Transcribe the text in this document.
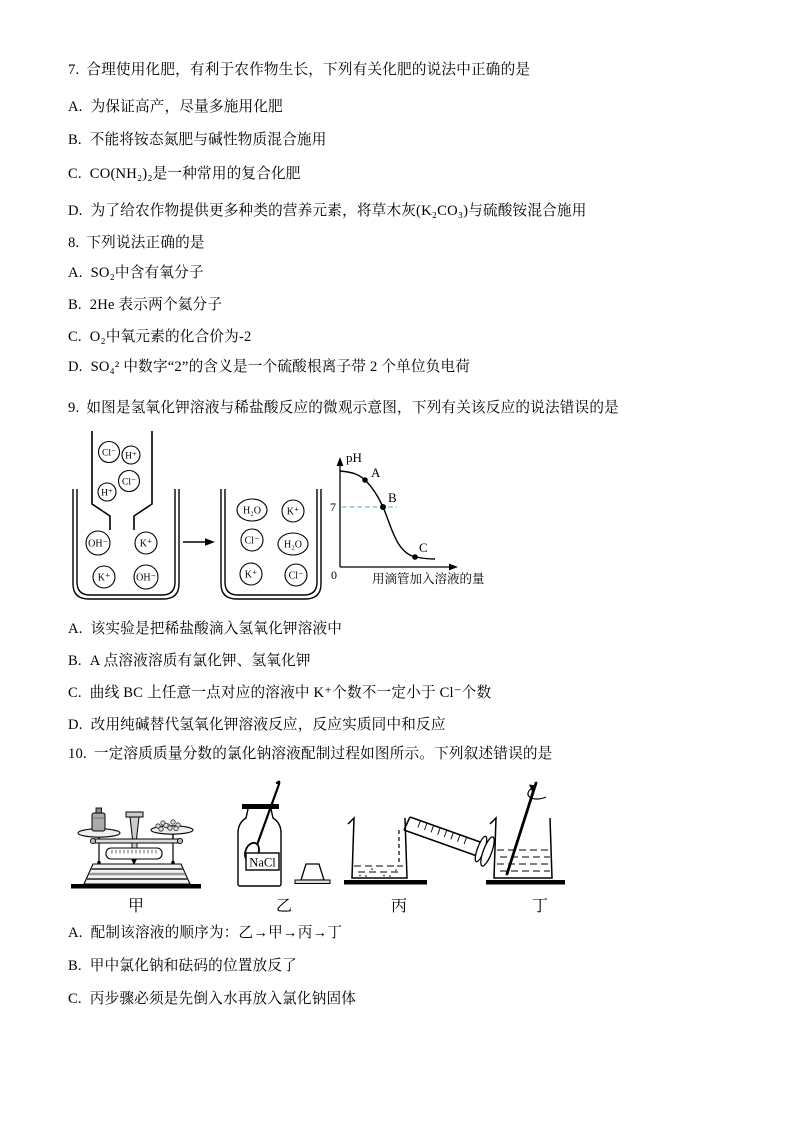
7. 合理使用化肥，有利于农作物生长，下列有关化肥的说法中正确的是
A. 为保证高产，尽量多施用化肥
B. 不能将铵态氮肥与碱性物质混合施用
C. CO(NH₂)₂是一种常用的复合化肥
D. 为了给农作物提供更多种类的营养元素，将草木灰(K₂CO₃)与硫酸铵混合施用
8. 下列说法正确的是
A. SO₂中含有氧分子
B. 2He 表示两个氦分子
C. O₂中氧元素的化合价为-2
D. SO₄² 中数字“2”的含义是一个硫酸根离子带 2 个单位负电荷
9. 如图是氢氧化钾溶液与稀盐酸反应的微观示意图，下列有关该反应的说法错误的是
Cl⁻ H⁺
Cl⁻
H⁺
OH⁻	K⁺
K⁺	OH⁻
H₂O	K⁺
Cl⁻ H₂O
K⁺	Cl⁻
pH
7
0
A
B
C
用滴管加入溶液的量
A. 该实验是把稀盐酸滴入氢氧化钾溶液中
B. A 点溶液溶质有氯化钾、氢氧化钾
C. 曲线 BC 上任意一点对应的溶液中 K⁺个数不一定小于 Cl⁻个数
D. 改用纯碱替代氢氧化钾溶液反应，反应实质同中和反应
10. 一定溶质质量分数的氯化钠溶液配制过程如图所示。下列叙述错误的是
甲
NaCl
乙	丙	丁
A. 配制该溶液的顺序为：乙→甲→丙→丁
B. 甲中氯化钠和砝码的位置放反了
C. 丙步骤必须是先倒入水再放入氯化钠固体
